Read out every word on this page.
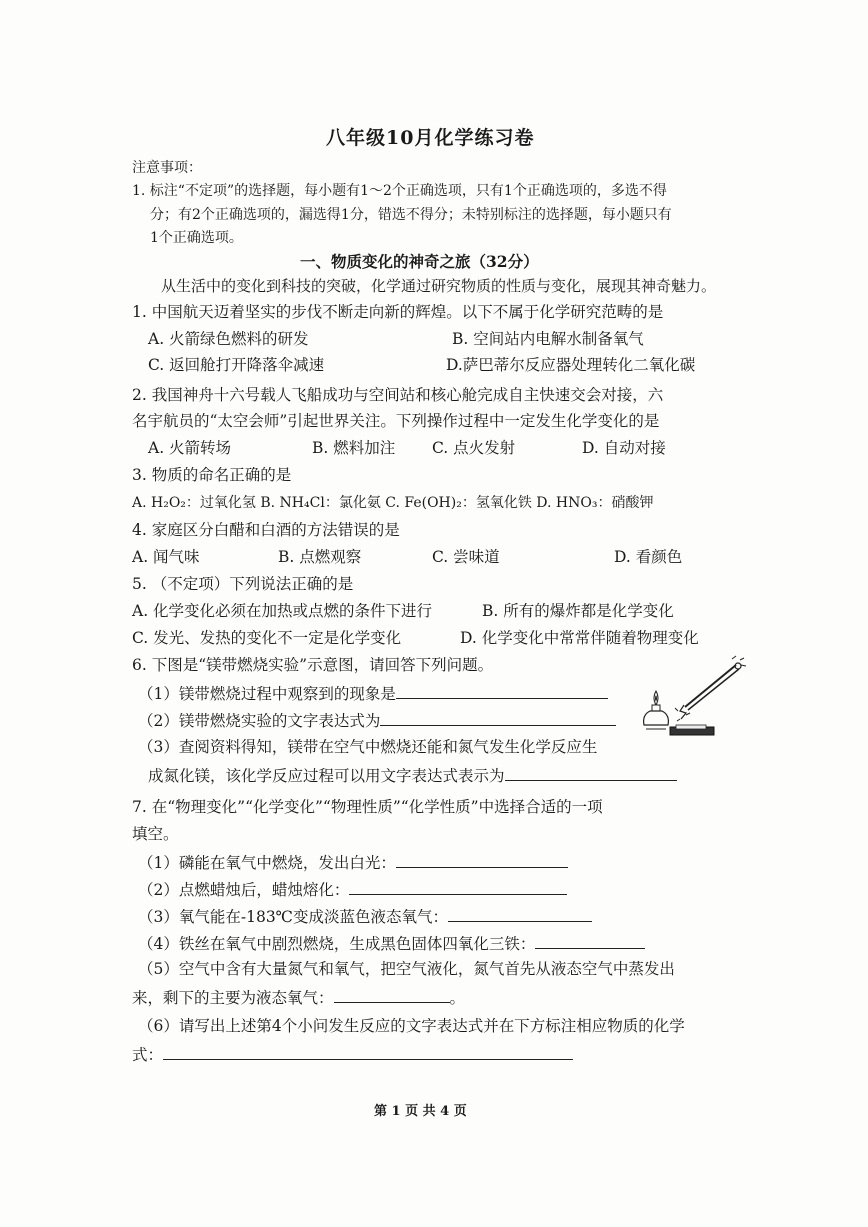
八年级10月化学练习卷
注意事项：
1. 标注“不定项”的选择题，每小题有1～2个正确选项，只有1个正确选项的，多选不得
分；有2个正确选项的，漏选得1分，错选不得分；未特别标注的选择题，每小题只有
1个正确选项。
一、物质变化的神奇之旅（32分）
从生活中的变化到科技的突破，化学通过研究物质的性质与变化，展现其神奇魅力。
1. 中国航天迈着坚实的步伐不断走向新的辉煌。以下不属于化学研究范畴的是
A. 火箭绿色燃料的研发	B. 空间站内电解水制备氧气
C. 返回舱打开降落伞减速	D.萨巴蒂尔反应器处理转化二氧化碳
2. 我国神舟十六号载人飞船成功与空间站和核心舱完成自主快速交会对接，六
名宇航员的“太空会师”引起世界关注。下列操作过程中一定发生化学变化的是
A. 火箭转场	B. 燃料加注 C. 点火发射	D. 自动对接
3. 物质的命名正确的是
A. H₂O₂：过氧化氢 B. NH₄Cl：氯化氨 C. Fe(OH)₂：氢氧化铁 D. HNO₃：硝酸钾
4. 家庭区分白醋和白酒的方法错误的是
A. 闻气味	B. 点燃观察	C. 尝味道	D. 看颜色
5. （不定项）下列说法正确的是
A. 化学变化必须在加热或点燃的条件下进行	B. 所有的爆炸都是化学变化
C. 发光、发热的变化不一定是化学变化	D. 化学变化中常常伴随着物理变化
6. 下图是“镁带燃烧实验”示意图，请回答下列问题。
（1）镁带燃烧过程中观察到的现象是
（2）镁带燃烧实验的文字表达式为
（3）查阅资料得知，镁带在空气中燃烧还能和氮气发生化学反应生
成氮化镁，该化学反应过程可以用文字表达式表示为
7. 在“物理变化”“化学变化”“物理性质”“化学性质”中选择合适的一项
填空。
（1）磷能在氧气中燃烧，发出白光：
（2）点燃蜡烛后，蜡烛熔化：
（3）氧气能在-183℃变成淡蓝色液态氧气：
（4）铁丝在氧气中剧烈燃烧，生成黑色固体四氧化三铁：
（5）空气中含有大量氮气和氧气，把空气液化，氮气首先从液态空气中蒸发出
来，剩下的主要为液态氧气：	。
（6）请写出上述第4个小问发生反应的文字表达式并在下方标注相应物质的化学
式：
第 1 页 共 4 页
